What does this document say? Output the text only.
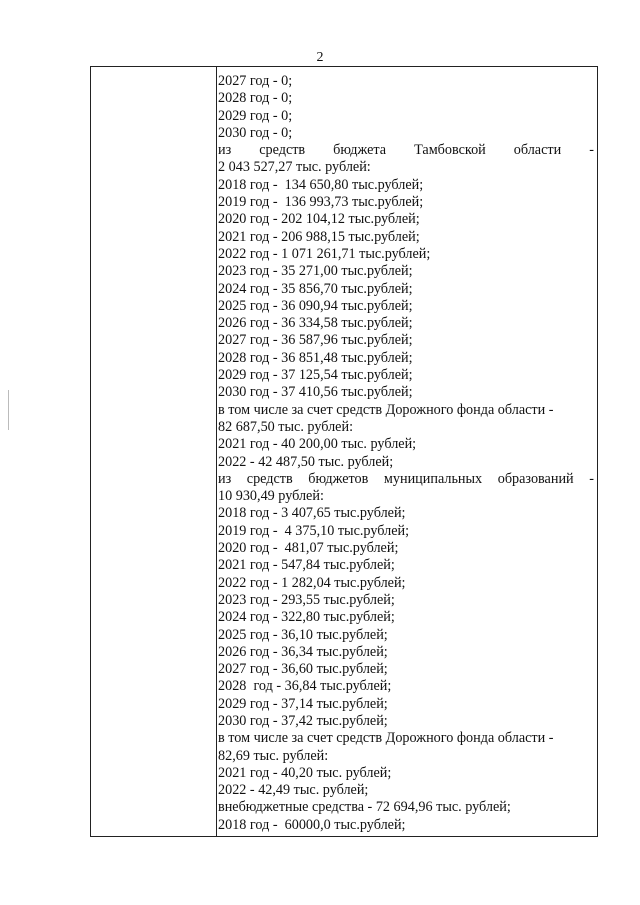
2
2027 год - 0;
2028 год - 0;
2029 год - 0;
2030 год - 0;
из средств бюджета Тамбовской области -
2 043 527,27 тыс. рублей:
2018 год -  134 650,80 тыс.рублей;
2019 год -  136 993,73 тыс.рублей;
2020 год - 202 104,12 тыс.рублей;
2021 год - 206 988,15 тыс.рублей;
2022 год - 1 071 261,71 тыс.рублей;
2023 год - 35 271,00 тыс.рублей;
2024 год - 35 856,70 тыс.рублей;
2025 год - 36 090,94 тыс.рублей;
2026 год - 36 334,58 тыс.рублей;
2027 год - 36 587,96 тыс.рублей;
2028 год - 36 851,48 тыс.рублей;
2029 год - 37 125,54 тыс.рублей;
2030 год - 37 410,56 тыс.рублей;
в том числе за счет средств Дорожного фонда области -
82 687,50 тыс. рублей:
2021 год - 40 200,00 тыс. рублей;
2022 - 42 487,50 тыс. рублей;
из средств бюджетов муниципальных образований -
10 930,49 рублей:
2018 год - 3 407,65 тыс.рублей;
2019 год -  4 375,10 тыс.рублей;
2020 год -  481,07 тыс.рублей;
2021 год - 547,84 тыс.рублей;
2022 год - 1 282,04 тыс.рублей;
2023 год - 293,55 тыс.рублей;
2024 год - 322,80 тыс.рублей;
2025 год - 36,10 тыс.рублей;
2026 год - 36,34 тыс.рублей;
2027 год - 36,60 тыс.рублей;
2028  год - 36,84 тыс.рублей;
2029 год - 37,14 тыс.рублей;
2030 год - 37,42 тыс.рублей;
в том числе за счет средств Дорожного фонда области -
82,69 тыс. рублей:
2021 год - 40,20 тыс. рублей;
2022 - 42,49 тыс. рублей;
внебюджетные средства - 72 694,96 тыс. рублей;
2018 год -  60000,0 тыс.рублей;
